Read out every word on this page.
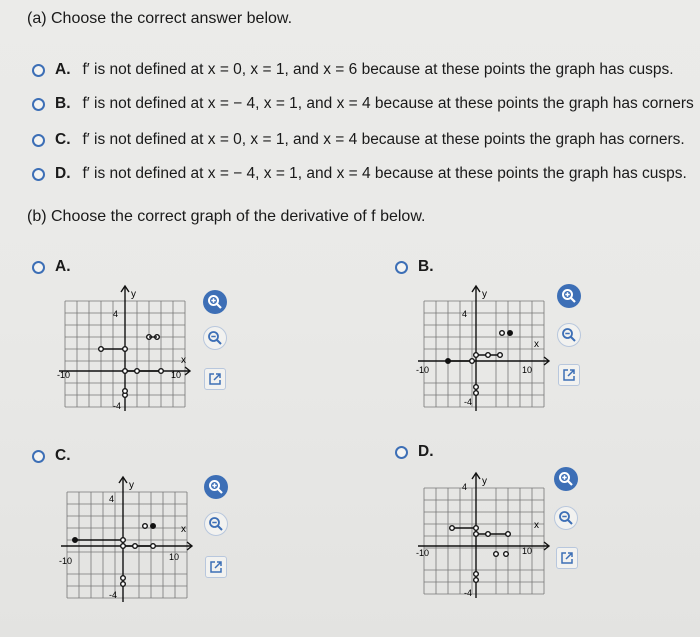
(a) Choose the correct answer below.
A. f′ is not defined at x = 0, x = 1, and x = 6 because at these points the graph has cusps.
B. f′ is not defined at x = − 4, x = 1, and x = 4 because at these points the graph has corners
C. f′ is not defined at x = 0, x = 1, and x = 4 because at these points the graph has corners.
D. f′ is not defined at x = − 4, x = 1, and x = 4 because at these points the graph has cusps.
(b) Choose the correct graph of the derivative of f below.
A.	B.
C.	D.
y
x
4
-4
-10	10
y
x
4
-4
-10	10
y
x
4
-4
-10	10
y
x
4
-4
-10	10
